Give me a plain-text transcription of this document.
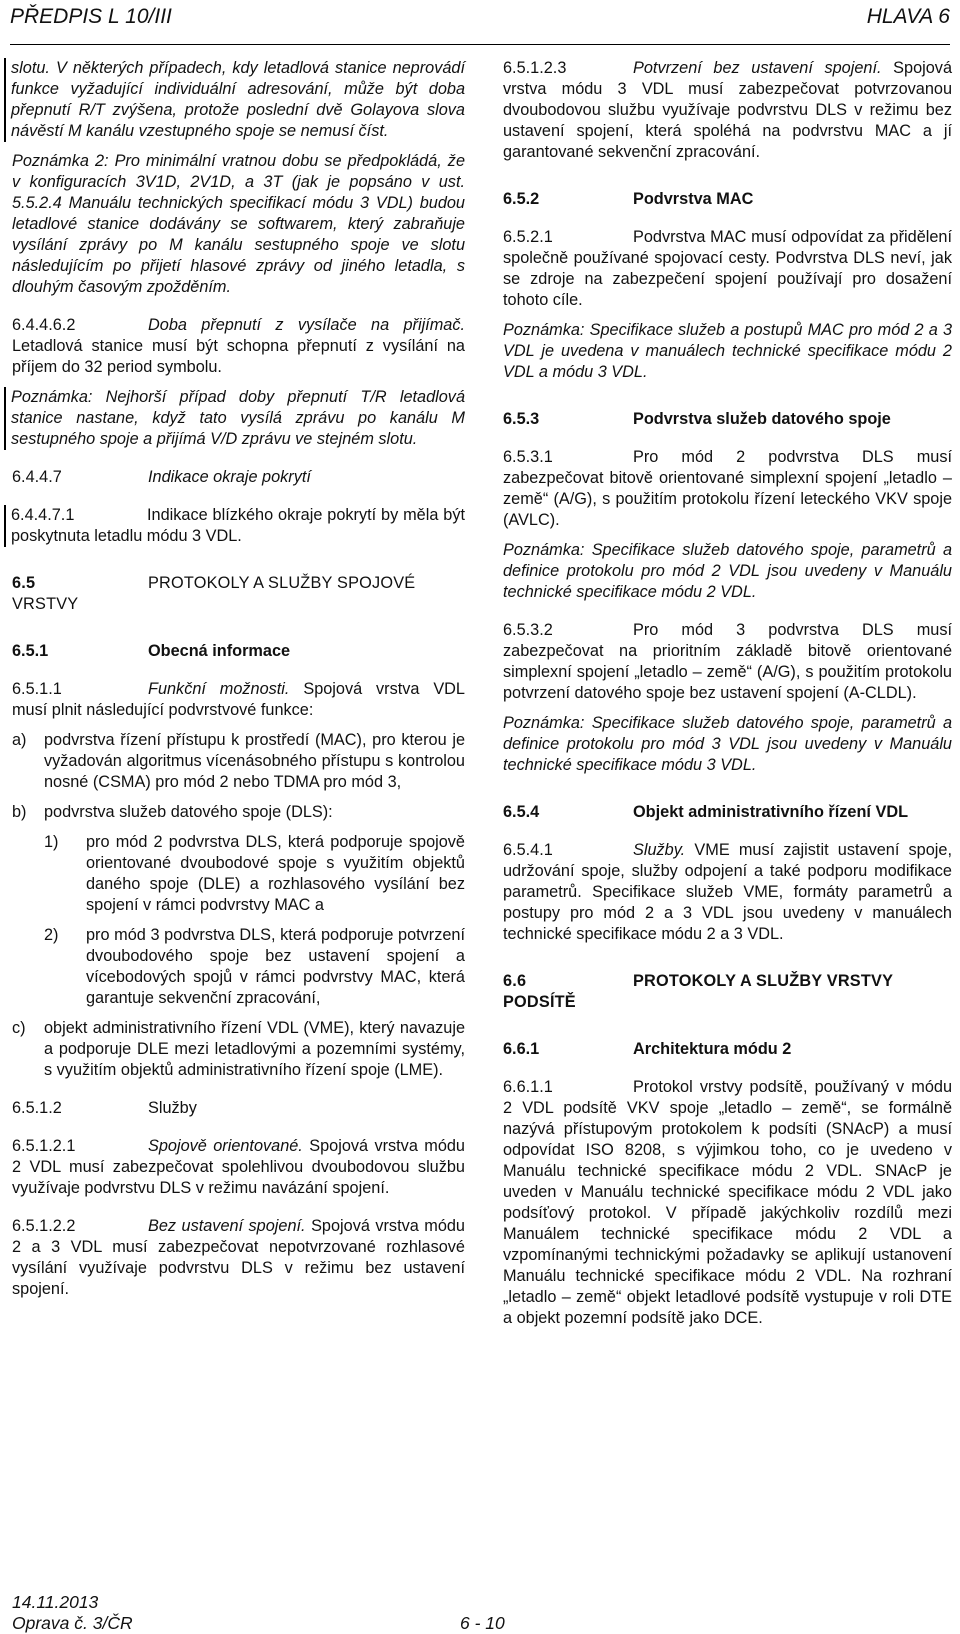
PŘEDPIS L 10/III	HLAVA 6

slotu. V některých případech, kdy letadlová stanice neprovádí funkce vyžadující individuální adresování, může být doba přepnutí R/T zvýšena, protože poslední dvě Golayova slova návěstí M kanálu vzestupného spoje se nemusí číst.

Poznámka 2: Pro minimální vratnou dobu se předpokládá, že v konfiguracích 3V1D, 2V1D, a 3T (jak je popsáno v ust. 5.5.2.4 Manuálu technických specifikací módu 3 VDL) budou letadlové stanice dodávány se softwarem, který zabraňuje vysílání zprávy po M kanálu sestupného spoje ve slotu následujícím po přijetí hlasové zprávy od jiného letadla, s dlouhým časovým zpožděním.

6.4.4.6.2	Doba přepnutí z vysílače na přijímač. Letadlová stanice musí být schopna přepnutí z vysílání na příjem do 32 period symbolu.

Poznámka: Nejhorší případ doby přepnutí T/R letadlová stanice nastane, když tato vysílá zprávu po kanálu M sestupného spoje a přijímá V/D zprávu ve stejném slotu.

6.4.4.7	Indikace okraje pokrytí

6.4.4.7.1	Indikace blízkého okraje pokrytí by měla být poskytnuta letadlu módu 3 VDL.

6.5	PROTOKOLY A SLUŽBY SPOJOVÉ VRSTVY

6.5.1	Obecná informace

6.5.1.1	Funkční možnosti. Spojová vrstva VDL musí plnit následující podvrstvové funkce:

a) podvrstva řízení přístupu k prostředí (MAC), pro kterou je vyžadován algoritmus vícenásobného přístupu s kontrolou nosné (CSMA) pro mód 2 nebo TDMA pro mód 3,
b) podvrstva služeb datového spoje (DLS):
1) pro mód 2 podvrstva DLS, která podporuje spojově orientované dvoubodové spoje s využitím objektů daného spoje (DLE) a rozhlasového vysílání bez spojení v rámci podvrstvy MAC a
2) pro mód 3 podvrstva DLS, která podporuje potvrzení dvoubodového spoje bez ustavení spojení a vícebodových spojů v rámci podvrstvy MAC, která garantuje sekvenční zpracování,
c) objekt administrativního řízení VDL (VME), který navazuje a podporuje DLE mezi letadlovými a pozemními systémy, s využitím objektů administrativního řízení spoje (LME).

6.5.1.2	Služby

6.5.1.2.1	Spojově orientované. Spojová vrstva módu 2 VDL musí zabezpečovat spolehlivou dvoubodovou službu využívaje podvrstvu DLS v režimu navázání spojení.

6.5.1.2.2	Bez ustavení spojení. Spojová vrstva módu 2 a 3 VDL musí zabezpečovat nepotvrzované rozhlasové vysílání využívaje podvrstvu DLS v režimu bez ustavení spojení.

6.5.1.2.3	Potvrzení bez ustavení spojení. Spojová vrstva módu 3 VDL musí zabezpečovat potvrzovanou dvoubodovou službu využívaje podvrstvu DLS v režimu bez ustavení spojení, která spoléhá na podvrstvu MAC a jí garantované sekvenční zpracování.

6.5.2	Podvrstva MAC

6.5.2.1	Podvrstva MAC musí odpovídat za přidělení společně používané spojovací cesty. Podvrstva DLS neví, jak se zdroje na zabezpečení spojení používají pro dosažení tohoto cíle.

Poznámka: Specifikace služeb a postupů MAC pro mód 2 a 3 VDL je uvedena v manuálech technické specifikace módu 2 VDL a módu 3 VDL.

6.5.3	Podvrstva služeb datového spoje

6.5.3.1	Pro mód 2 podvrstva DLS musí zabezpečovat bitově orientované simplexní spojení „letadlo – země“ (A/G), s použitím protokolu řízení leteckého VKV spoje (AVLC).

Poznámka: Specifikace služeb datového spoje, parametrů a definice protokolu pro mód 2 VDL jsou uvedeny v Manuálu technické specifikace módu 2 VDL.

6.5.3.2	Pro mód 3 podvrstva DLS musí zabezpečovat na prioritním základě bitově orientované simplexní spojení „letadlo – země“ (A/G), s použitím protokolu potvrzení datového spoje bez ustavení spojení (A-CLDL).

Poznámka: Specifikace služeb datového spoje, parametrů a definice protokolu pro mód 3 VDL jsou uvedeny v Manuálu technické specifikace módu 3 VDL.

6.5.4	Objekt administrativního řízení VDL

6.5.4.1	Služby. VME musí zajistit ustavení spoje, udržování spoje, služby odpojení a také podporu modifikace parametrů. Specifikace služeb VME, formáty parametrů a postupy pro mód 2 a 3 VDL jsou uvedeny v manuálech technické specifikace módu 2 a 3 VDL.

6.6	PROTOKOLY A SLUŽBY VRSTVY PODSÍTĚ

6.6.1	Architektura módu 2

6.6.1.1	Protokol vrstvy podsítě, používaný v módu 2 VDL podsítě VKV spoje „letadlo – země“, se formálně nazývá přístupovým protokolem k podsíti (SNAcP) a musí odpovídat ISO 8208, s výjimkou toho, co je uvedeno v Manuálu technické specifikace módu 2 VDL. SNAcP je uveden v Manuálu technické specifikace módu 2 VDL jako podsíťový protokol. V případě jakýchkoliv rozdílů mezi Manuálem technické specifikace módu 2 VDL a vzpomínanými technickými požadavky se aplikují ustanovení Manuálu technické specifikace módu 2 VDL. Na rozhraní „letadlo – země“ objekt letadlové podsítě vystupuje v roli DTE a objekt pozemní podsítě jako DCE.

14.11.2013
Oprava č. 3/ČR	6 - 10
